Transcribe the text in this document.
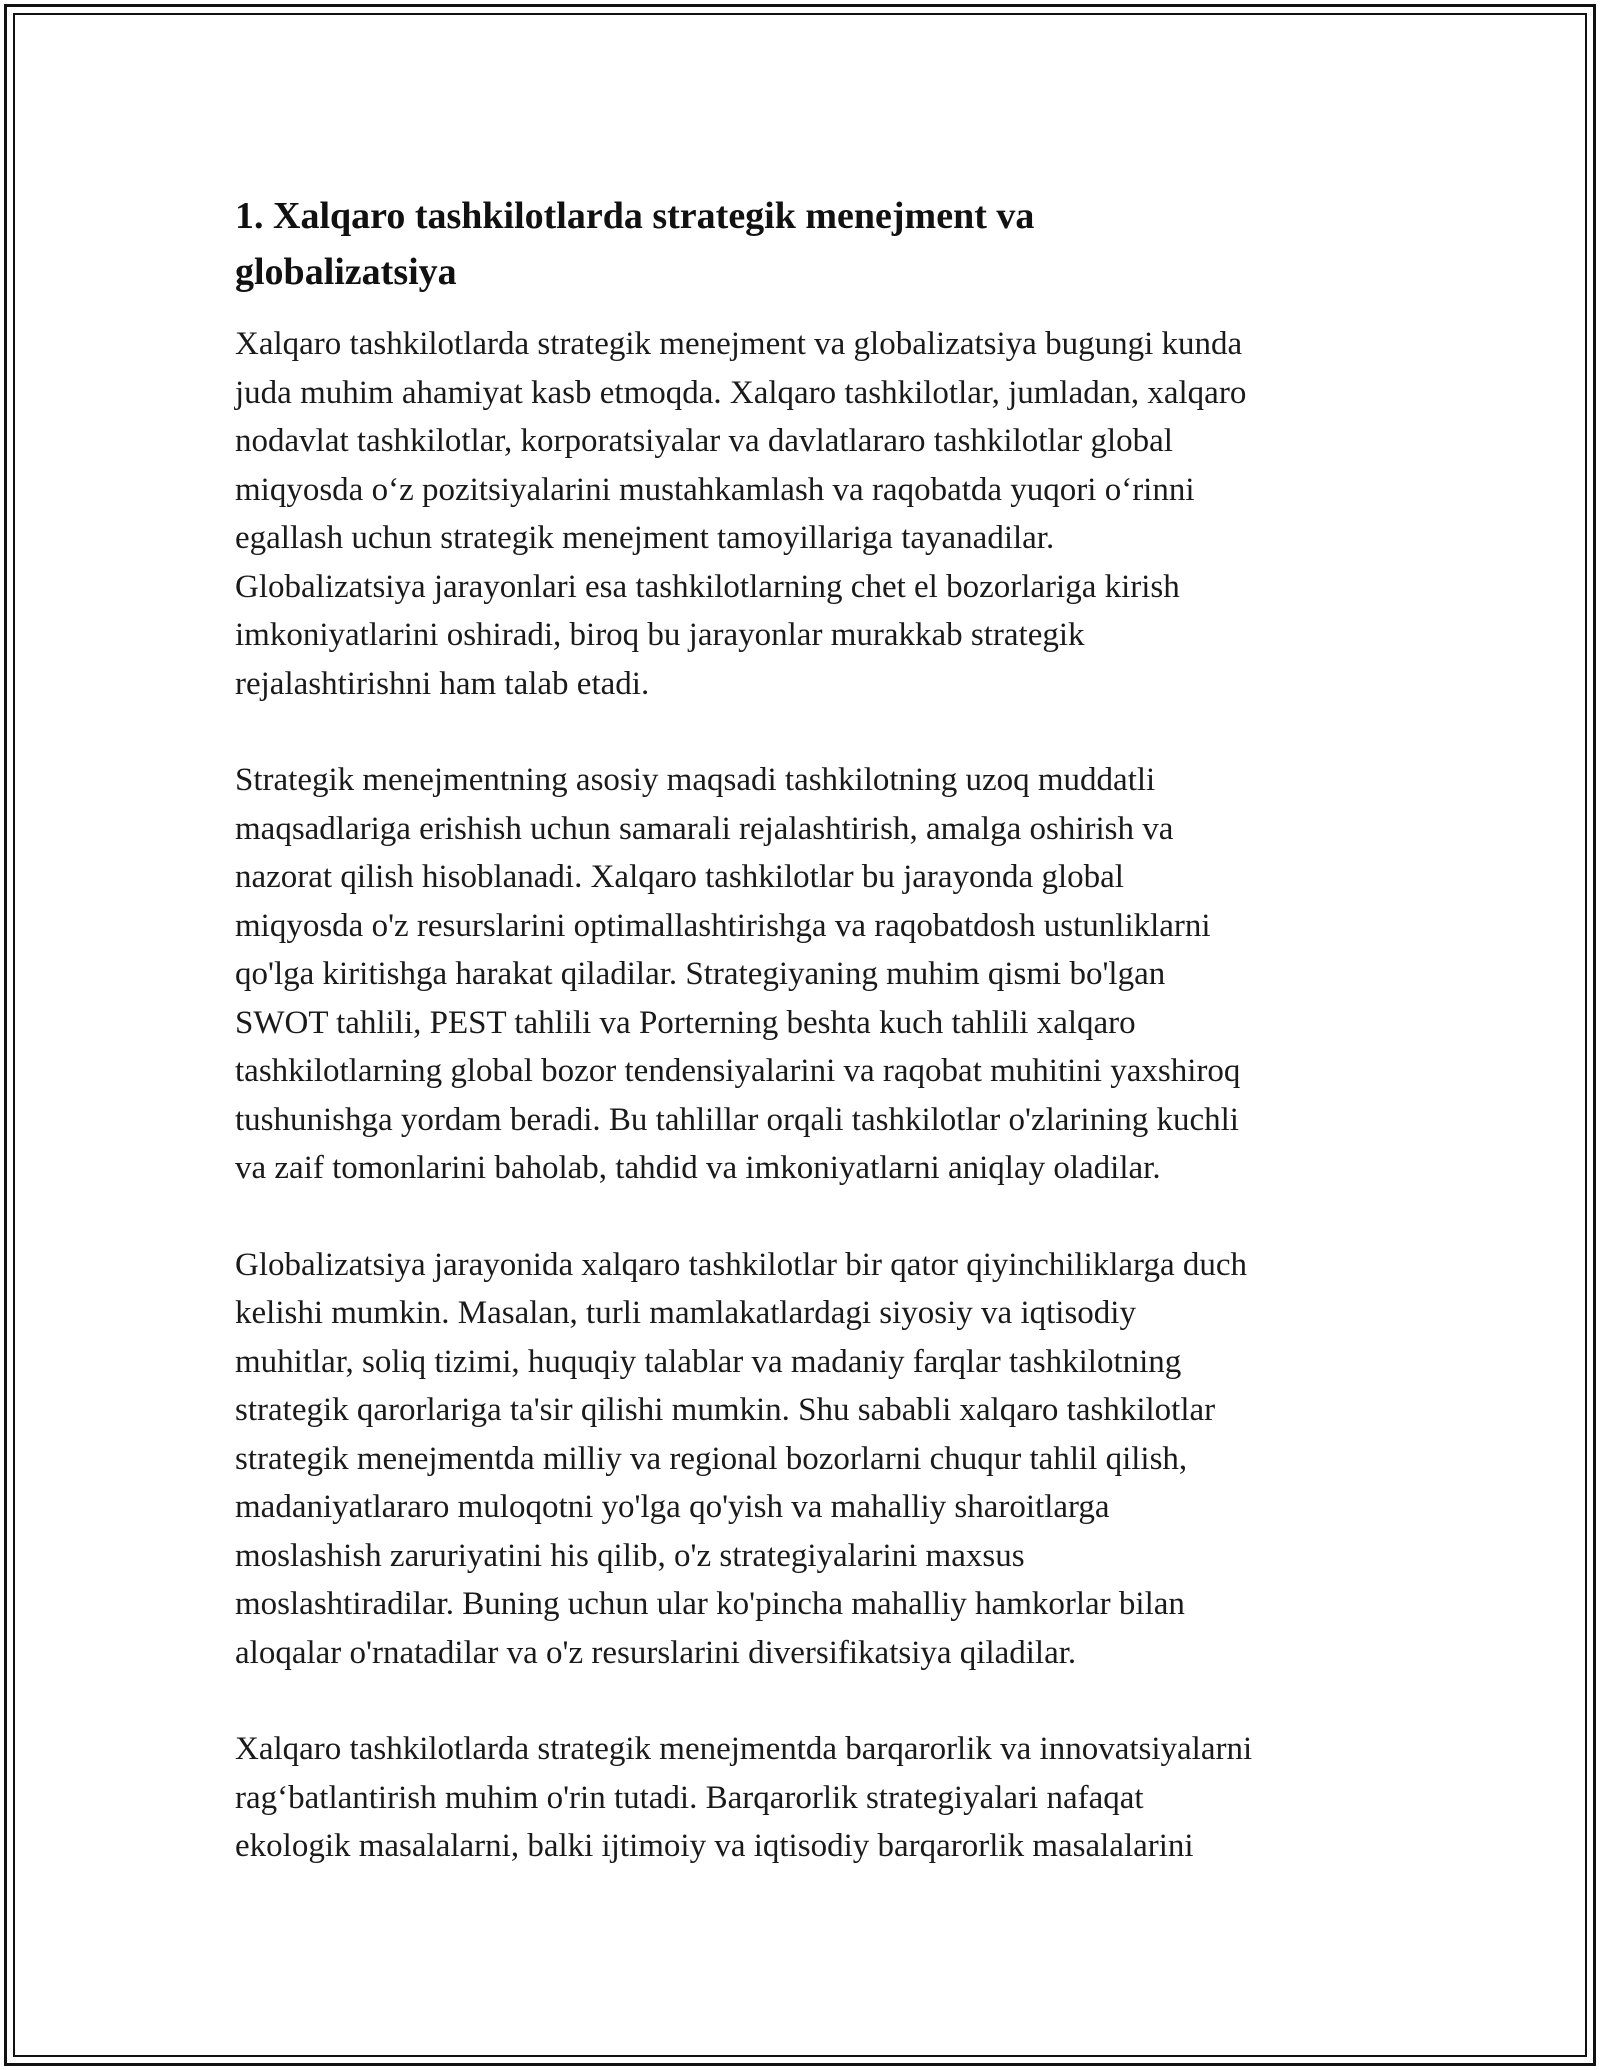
1. Xalqaro tashkilotlarda strategik menejment va globalizatsiya
Xalqaro tashkilotlarda strategik menejment va globalizatsiya bugungi kunda
juda muhim ahamiyat kasb etmoqda. Xalqaro tashkilotlar, jumladan, xalqaro
nodavlat tashkilotlar, korporatsiyalar va davlatlararo tashkilotlar global
miqyosda o‘z pozitsiyalarini mustahkamlash va raqobatda yuqori o‘rinni
egallash uchun strategik menejment tamoyillariga tayanadilar.
Globalizatsiya jarayonlari esa tashkilotlarning chet el bozorlariga kirish
imkoniyatlarini oshiradi, biroq bu jarayonlar murakkab strategik
rejalashtirishni ham talab etadi.
Strategik menejmentning asosiy maqsadi tashkilotning uzoq muddatli
maqsadlariga erishish uchun samarali rejalashtirish, amalga oshirish va
nazorat qilish hisoblanadi. Xalqaro tashkilotlar bu jarayonda global
miqyosda o'z resurslarini optimallashtirishga va raqobatdosh ustunliklarni
qo'lga kiritishga harakat qiladilar. Strategiyaning muhim qismi bo'lgan
SWOT tahlili, PEST tahlili va Porterning beshta kuch tahlili xalqaro
tashkilotlarning global bozor tendensiyalarini va raqobat muhitini yaxshiroq
tushunishga yordam beradi. Bu tahlillar orqali tashkilotlar o'zlarining kuchli
va zaif tomonlarini baholab, tahdid va imkoniyatlarni aniqlay oladilar.
Globalizatsiya jarayonida xalqaro tashkilotlar bir qator qiyinchiliklarga duch
kelishi mumkin. Masalan, turli mamlakatlardagi siyosiy va iqtisodiy
muhitlar, soliq tizimi, huquqiy talablar va madaniy farqlar tashkilotning
strategik qarorlariga ta'sir qilishi mumkin. Shu sababli xalqaro tashkilotlar
strategik menejmentda milliy va regional bozorlarni chuqur tahlil qilish,
madaniyatlararo muloqotni yo'lga qo'yish va mahalliy sharoitlarga
moslashish zaruriyatini his qilib, o'z strategiyalarini maxsus
moslashtiradilar. Buning uchun ular ko'pincha mahalliy hamkorlar bilan
aloqalar o'rnatadilar va o'z resurslarini diversifikatsiya qiladilar.
Xalqaro tashkilotlarda strategik menejmentda barqarorlik va innovatsiyalarni
rag‘batlantirish muhim o'rin tutadi. Barqarorlik strategiyalari nafaqat
ekologik masalalarni, balki ijtimoiy va iqtisodiy barqarorlik masalalarini
